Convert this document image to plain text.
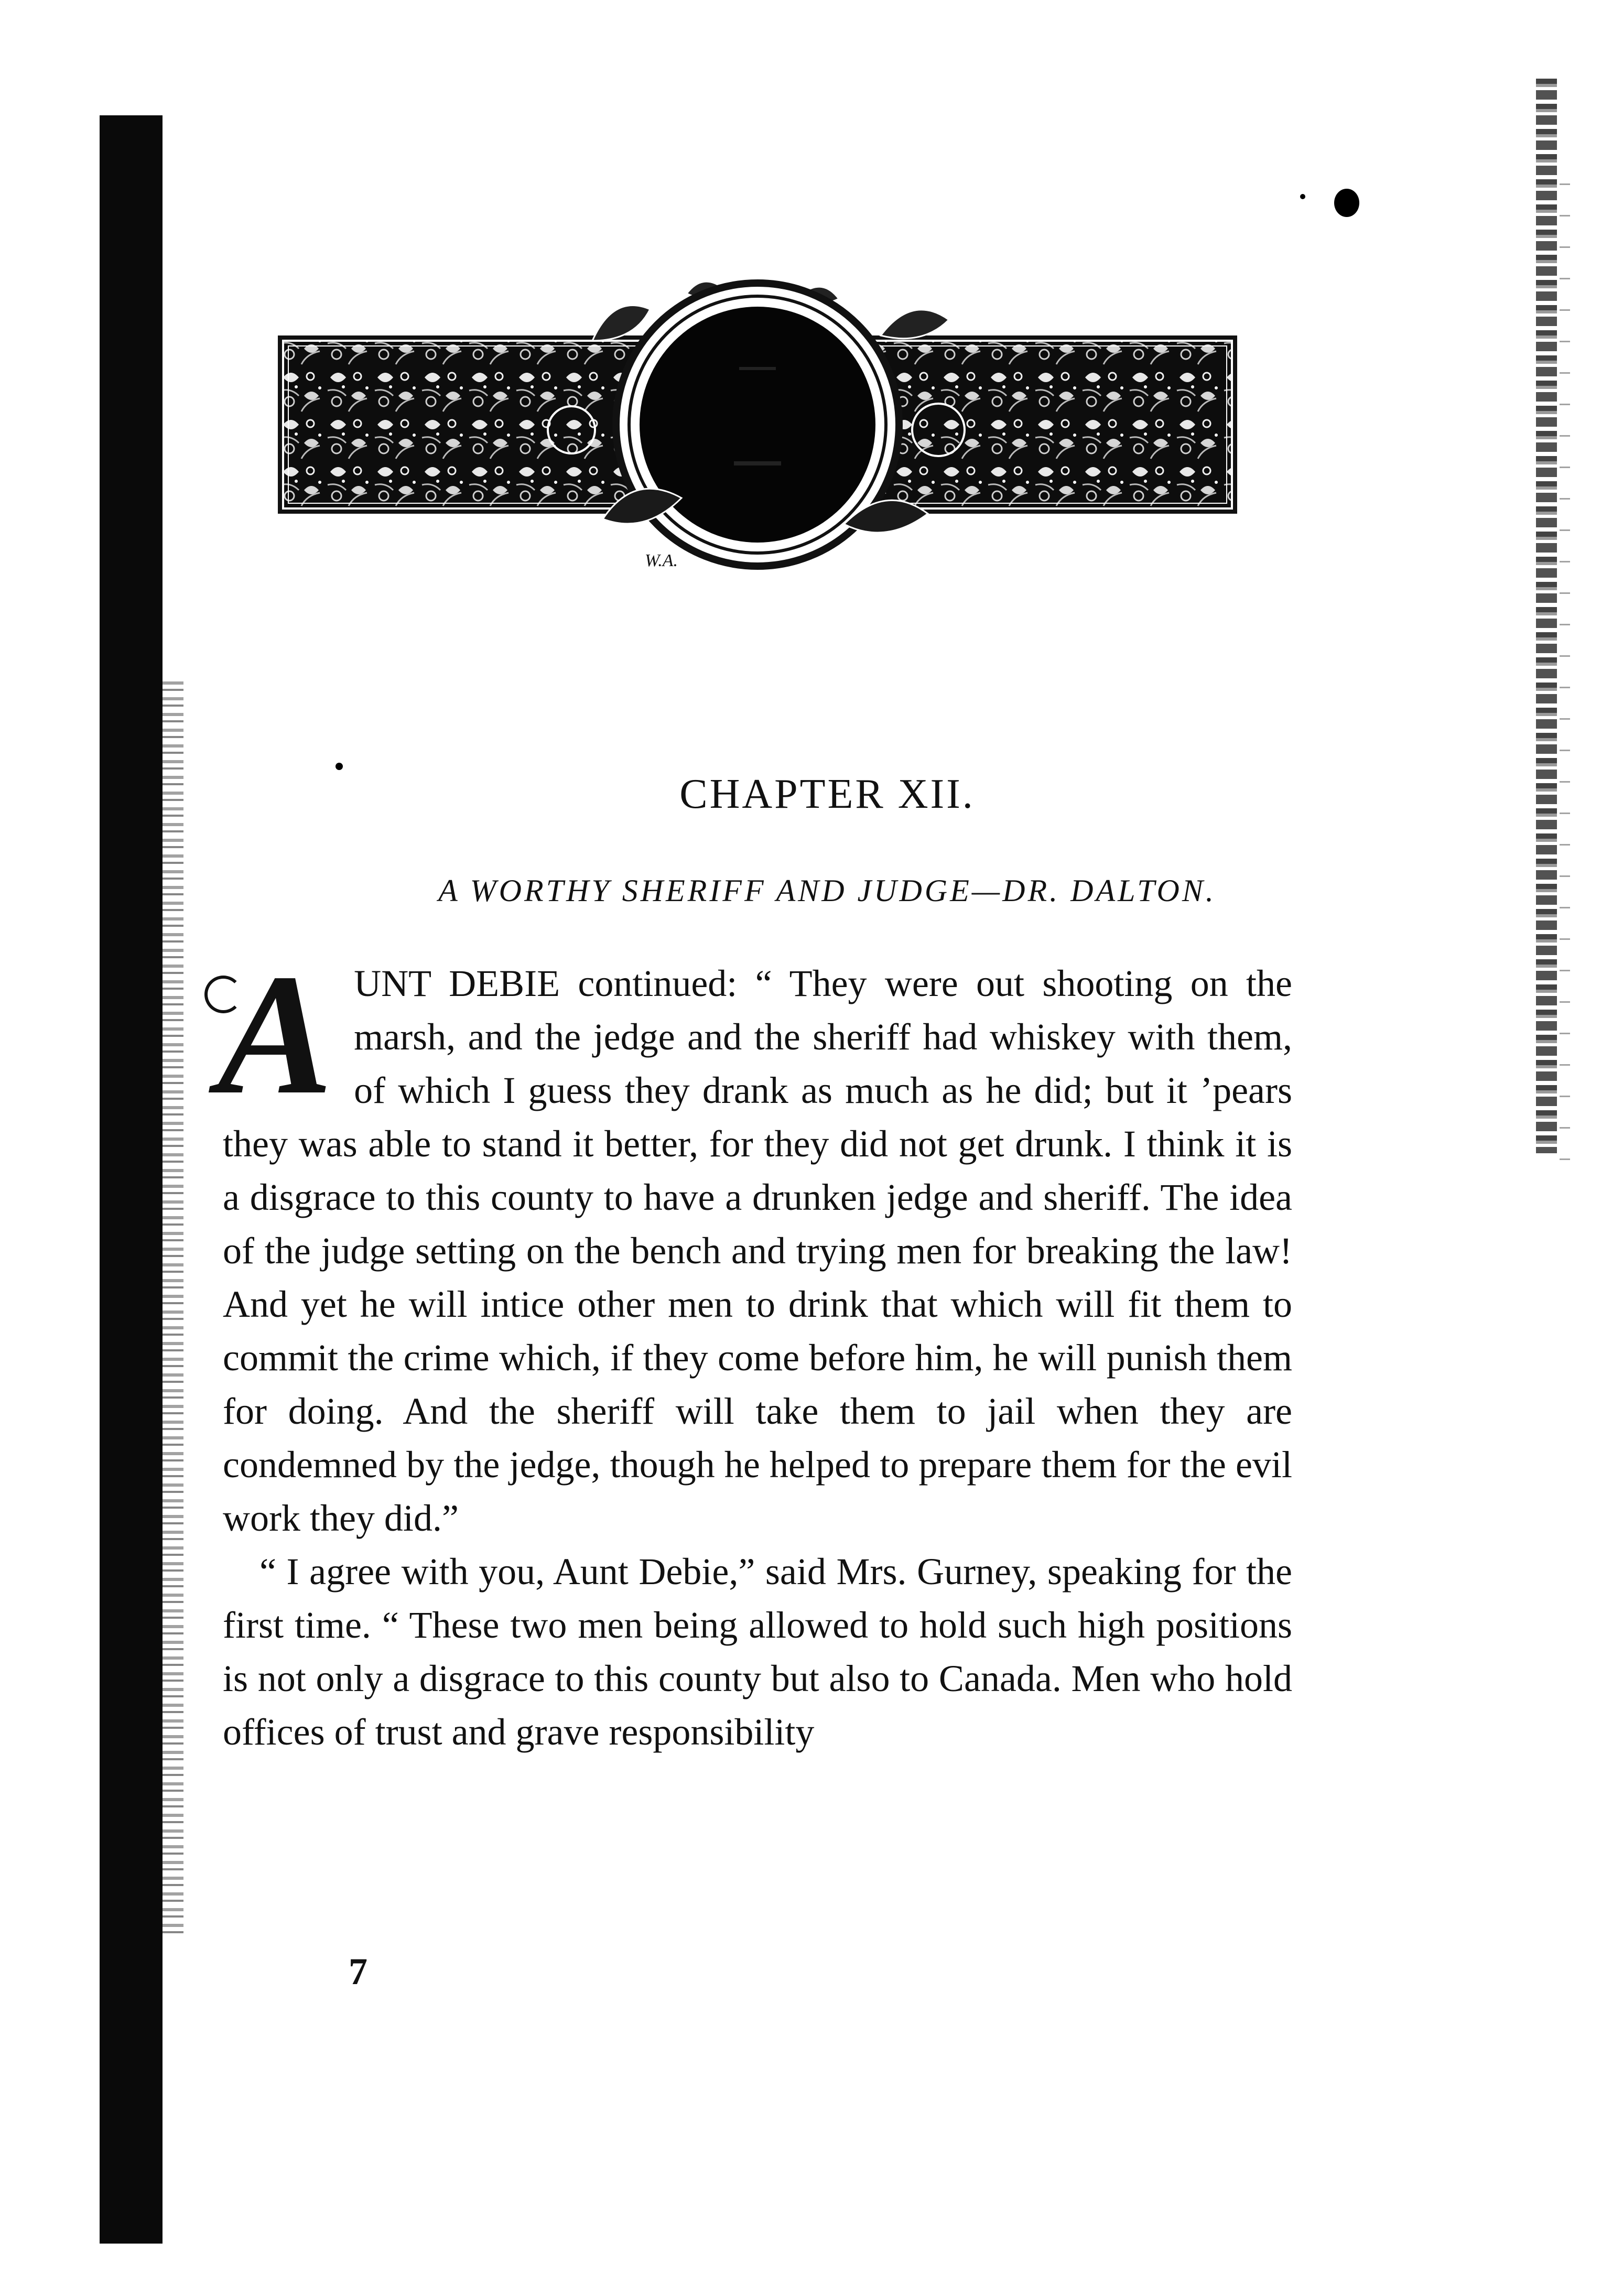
W.A.
CHAPTER XII.
A WORTHY SHERIFF AND JUDGE—DR. DALTON.

AUNT DEBIE continued: “ They were out shooting on the marsh, and the jedge and the sheriff had whiskey with them, of which I guess they drank as much as he did; but it ’pears they was able to stand it better, for they did not get drunk. I think it is a disgrace to this county to have a drunken jedge and sheriff. The idea of the judge setting on the bench and trying men for breaking the law! And yet he will intice other men to drink that which will fit them to commit the crime which, if they come before him, he will punish them for doing. And the sheriff will take them to jail when they are condemned by the jedge, though he helped to prepare them for the evil work they did.”

“ I agree with you, Aunt Debie,” said Mrs. Gurney, speaking for the first time. “ These two men being allowed to hold such high positions is not only a disgrace to this county but also to Canada. Men who hold offices of trust and grave responsibility

7
